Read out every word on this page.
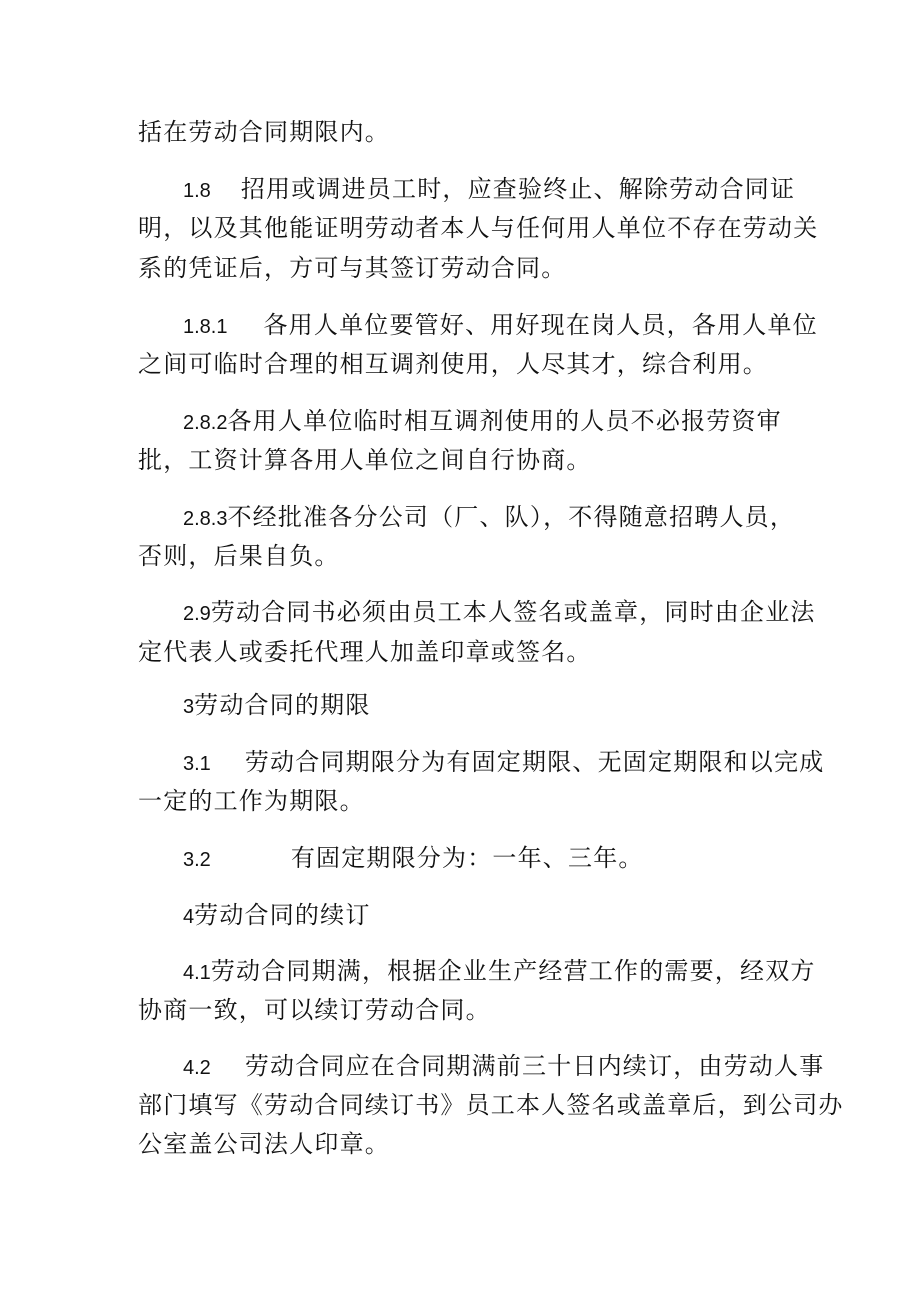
括在劳动合同期限内。
1.8 招用或调进员工时，应查验终止、解除劳动合同证
明，以及其他能证明劳动者本人与任何用人单位不存在劳动关
系的凭证后，方可与其签订劳动合同。
1.8.1 各用人单位要管好、用好现在岗人员，各用人单位
之间可临时合理的相互调剂使用，人尽其才，综合利用。
2.8.2各用人单位临时相互调剂使用的人员不必报劳资审
批，工资计算各用人单位之间自行协商。
2.8.3不经批准各分公司（厂、队），不得随意招聘人员，
否则，后果自负。
2.9劳动合同书必须由员工本人签名或盖章，同时由企业法
定代表人或委托代理人加盖印章或签名。
3劳动合同的期限
3.1 劳动合同期限分为有固定期限、无固定期限和以完成
一定的工作为期限。
3.2	有固定期限分为：一年、三年。
4劳动合同的续订
4.1劳动合同期满，根据企业生产经营工作的需要，经双方
协商一致，可以续订劳动合同。
4.2 劳动合同应在合同期满前三十日内续订，由劳动人事
部门填写《劳动合同续订书》员工本人签名或盖章后，到公司办
公室盖公司法人印章。
